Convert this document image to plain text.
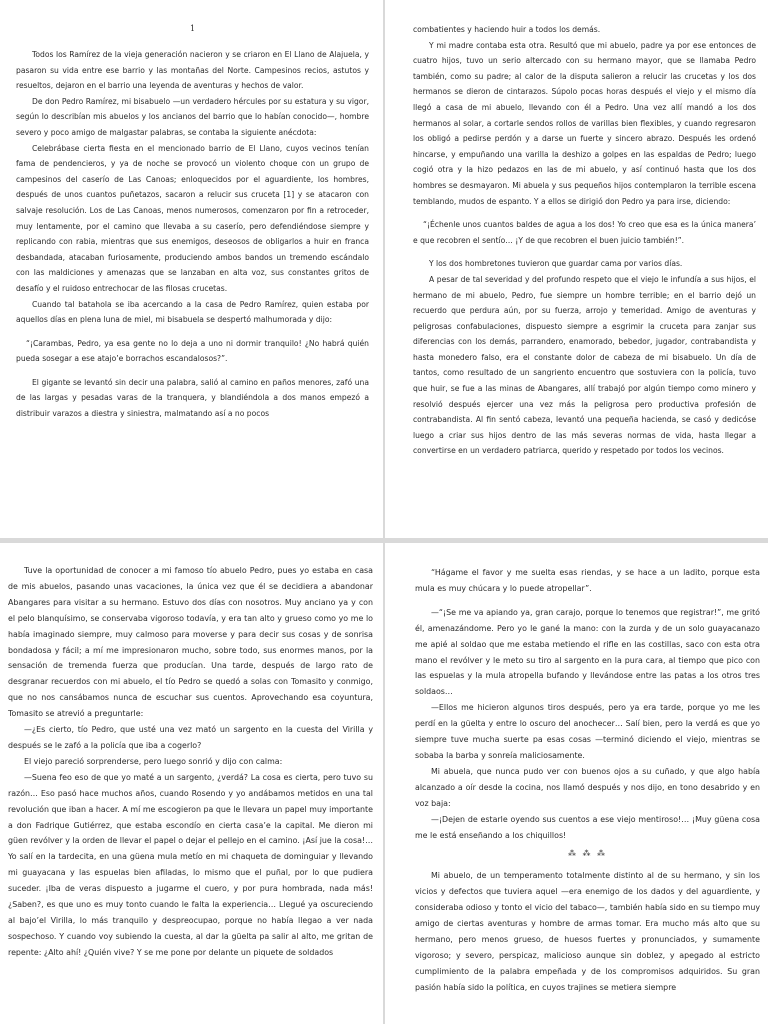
1

Todos los Ramírez de la vieja generación nacieron y se criaron en El Llano de Alajuela, y pasaron su vida entre ese barrio y las montañas del Norte. Campesinos recios, astutos y resueltos, dejaron en el barrio una leyenda de aventuras y hechos de valor.

De don Pedro Ramírez, mi bisabuelo —un verdadero hércules por su estatura y su vigor, según lo describían mis abuelos y los ancianos del barrio que lo habían conocido—, hombre severo y poco amigo de malgastar palabras, se contaba la siguiente anécdota:

Celebrábase cierta fiesta en el mencionado barrio de El Llano, cuyos vecinos tenían fama de pendencieros, y ya de noche se provocó un violento choque con un grupo de campesinos del caserío de Las Canoas; enloquecidos por el aguardiente, los hombres, después de unos cuantos puñetazos, sacaron a relucir sus cruceta [1] y se atacaron con salvaje resolución. Los de Las Canoas, menos numerosos, comenzaron por fin a retroceder, muy lentamente, por el camino que llevaba a su caserío, pero defendiéndose siempre y replicando con rabia, mientras que sus enemigos, deseosos de obligarlos a huir en franca desbandada, atacaban furiosamente, produciendo ambos bandos un tremendo escándalo con las maldiciones y amenazas que se lanzaban en alta voz, sus constantes gritos de desafío y el ruidoso entrechocar de las filosas crucetas.

Cuando tal batahola se iba acercando a la casa de Pedro Ramírez, quien estaba por aquellos días en plena luna de miel, mi bisabuela se despertó malhumorada y dijo:

“¡Carambas, Pedro, ya esa gente no lo deja a uno ni dormir tranquilo! ¿No habrá quién pueda sosegar a ese atajo’e borrachos escandalosos?”.

El gigante se levantó sin decir una palabra, salió al camino en paños menores, zafó una de las largas y pesadas varas de la tranquera, y blandiéndola a dos manos empezó a distribuir varazos a diestra y siniestra, malmatando así a no pocos

combatientes y haciendo huir a todos los demás.

Y mi madre contaba esta otra. Resultó que mi abuelo, padre ya por ese entonces de cuatro hijos, tuvo un serio altercado con su hermano mayor, que se llamaba Pedro también, como su padre; al calor de la disputa salieron a relucir las crucetas y los dos hermanos se dieron de cintarazos. Súpolo pocas horas después el viejo y el mismo día llegó a casa de mi abuelo, llevando con él a Pedro. Una vez allí mandó a los dos hermanos al solar, a cortarle sendos rollos de varillas bien flexibles, y cuando regresaron los obligó a pedirse perdón y a darse un fuerte y sincero abrazo. Después les ordenó hincarse, y empuñando una varilla la deshizo a golpes en las espaldas de Pedro; luego cogió otra y la hizo pedazos en las de mi abuelo, y así continuó hasta que los dos hombres se desmayaron. Mi abuela y sus pequeños hijos contemplaron la terrible escena temblando, mudos de espanto. Y a ellos se dirigió don Pedro ya para irse, diciendo:

“¡Échenle unos cuantos baldes de agua a los dos! Yo creo que esa es la única manera’ e que recobren el sentío… ¡Y de que recobren el buen juicio también!”.

Y los dos hombretones tuvieron que guardar cama por varios días.

A pesar de tal severidad y del profundo respeto que el viejo le infundía a sus hijos, el hermano de mi abuelo, Pedro, fue siempre un hombre terrible; en el barrio dejó un recuerdo que perdura aún, por su fuerza, arrojo y temeridad. Amigo de aventuras y peligrosas confabulaciones, dispuesto siempre a esgrimir la cruceta para zanjar sus diferencias con los demás, parrandero, enamorado, bebedor, jugador, contrabandista y hasta monedero falso, era el constante dolor de cabeza de mi bisabuelo. Un día de tantos, como resultado de un sangriento encuentro que sostuviera con la policía, tuvo que huir, se fue a las minas de Abangares, allí trabajó por algún tiempo como minero y resolvió después ejercer una vez más la peligrosa pero productiva profesión de contrabandista. Al fin sentó cabeza, levantó una pequeña hacienda, se casó y dedicóse luego a criar sus hijos dentro de las más severas normas de vida, hasta llegar a convertirse en un verdadero patriarca, querido y respetado por todos los vecinos.

Tuve la oportunidad de conocer a mi famoso tío abuelo Pedro, pues yo estaba en casa de mis abuelos, pasando unas vacaciones, la única vez que él se decidiera a abandonar Abangares para visitar a su hermano. Estuvo dos días con nosotros. Muy anciano ya y con el pelo blanquísimo, se conservaba vigoroso todavía, y era tan alto y grueso como yo me lo había imaginado siempre, muy calmoso para moverse y para decir sus cosas y de sonrisa bondadosa y fácil; a mí me impresionaron mucho, sobre todo, sus enormes manos, por la sensación de tremenda fuerza que producían. Una tarde, después de largo rato de desgranar recuerdos con mi abuelo, el tío Pedro se quedó a solas con Tomasito y conmigo, que no nos cansábamos nunca de escuchar sus cuentos. Aprovechando esa coyuntura, Tomasito se atrevió a preguntarle:

—¿Es cierto, tío Pedro, que usté una vez mató un sargento en la cuesta del Virilla y después se le zafó a la policía que iba a cogerlo?

El viejo pareció sorprenderse, pero luego sonrió y dijo con calma:

—Suena feo eso de que yo maté a un sargento, ¿verdá? La cosa es cierta, pero tuvo su razón… Eso pasó hace muchos años, cuando Rosendo y yo andábamos metidos en una tal revolución que iban a hacer. A mí me escogieron pa que le llevara un papel muy importante a don Fadrique Gutiérrez, que estaba escondío en cierta casa’e la capital. Me dieron mi güen revólver y la orden de llevar el papel o dejar el pellejo en el camino. ¡Así jue la cosa!… Yo salí en la tardecita, en una güena mula metío en mi chaqueta de dominguiar y llevando mi guayacana y las espuelas bien afiladas, lo mismo que el puñal, por lo que pudiera suceder. ¡Iba de veras dispuesto a jugarme el cuero, y por pura hombrada, nada más! ¿Saben?, es que uno es muy tonto cuando le falta la experiencia… Llegué ya oscureciendo al bajo’el Virilla, lo más tranquilo y despreocupao, porque no había llegao a ver nada sospechoso. Y cuando voy subiendo la cuesta, al dar la güelta pa salir al alto, me gritan de repente: ¿Alto ahí! ¿Quién vive? Y se me pone por delante un piquete de soldados

“Hágame el favor y me suelta esas riendas, y se hace a un ladito, porque esta mula es muy chúcara y lo puede atropellar”.

—“¡Se me va apiando ya, gran carajo, porque lo tenemos que registrar!”, me gritó él, amenazándome. Pero yo le gané la mano: con la zurda y de un solo guayacanazo me apié al soldao que me estaba metiendo el rifle en las costillas, saco con esta otra mano el revólver y le meto su tiro al sargento en la pura cara, al tiempo que pico con las espuelas y la mula atropella bufando y llevándose entre las patas a los otros tres soldaos…

—Ellos me hicieron algunos tiros después, pero ya era tarde, porque yo me les perdí en la güelta y entre lo oscuro del anochecer… Salí bien, pero la verdá es que yo siempre tuve mucha suerte pa esas cosas —terminó diciendo el viejo, mientras se sobaba la barba y sonreía maliciosamente.

Mi abuela, que nunca pudo ver con buenos ojos a su cuñado, y que algo había alcanzado a oír desde la cocina, nos llamó después y nos dijo, en tono desabrido y en voz baja:

—¡Dejen de estarle oyendo sus cuentos a ese viejo mentiroso!… ¡Muy güena cosa me le está enseñando a los chiquillos!

⁂ ⁂ ⁂

Mi abuelo, de un temperamento totalmente distinto al de su hermano, y sin los vicios y defectos que tuviera aquel —era enemigo de los dados y del aguardiente, y consideraba odioso y tonto el vicio del tabaco—, también había sido en su tiempo muy amigo de ciertas aventuras y hombre de armas tomar. Era mucho más alto que su hermano, pero menos grueso, de huesos fuertes y pronunciados, y sumamente vigoroso; y severo, perspicaz, malicioso aunque sin doblez, y apegado al estricto cumplimiento de la palabra empeñada y de los compromisos adquiridos. Su gran pasión había sido la política, en cuyos trajines se metiera siempre
